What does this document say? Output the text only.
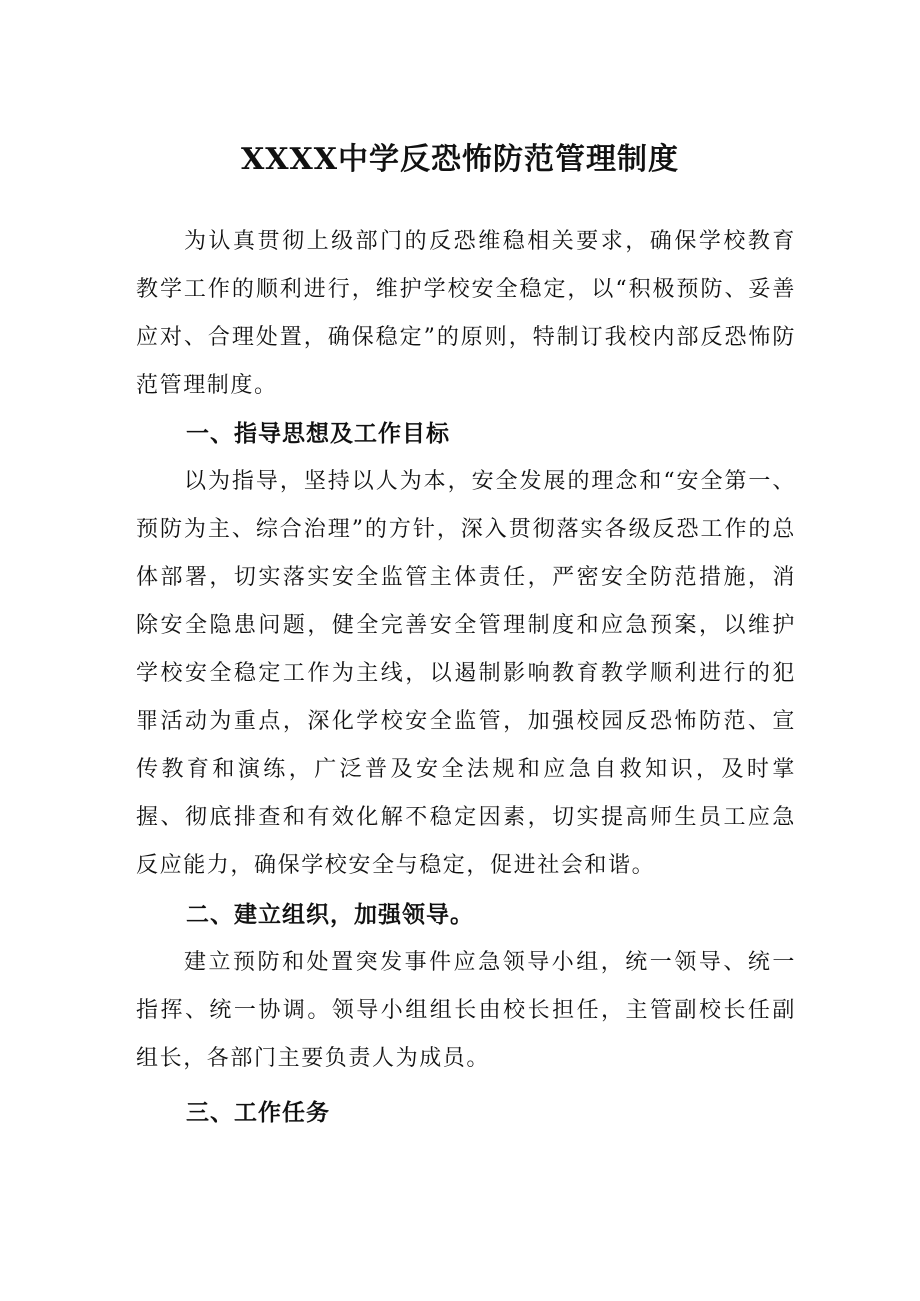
XXXX中学反恐怖防范管理制度

为认真贯彻上级部门的反恐维稳相关要求，确保学校教育教学工作的顺利进行，维护学校安全稳定，以“积极预防、妥善应对、合理处置，确保稳定”的原则，特制订我校内部反恐怖防范管理制度。

一、指导思想及工作目标

以为指导，坚持以人为本，安全发展的理念和“安全第一、预防为主、综合治理”的方针，深入贯彻落实各级反恐工作的总体部署，切实落实安全监管主体责任，严密安全防范措施，消除安全隐患问题，健全完善安全管理制度和应急预案，以维护学校安全稳定工作为主线，以遏制影响教育教学顺利进行的犯罪活动为重点，深化学校安全监管，加强校园反恐怖防范、宣传教育和演练，广泛普及安全法规和应急自救知识，及时掌握、彻底排查和有效化解不稳定因素，切实提高师生员工应急反应能力，确保学校安全与稳定，促进社会和谐。

二、建立组织，加强领导。

建立预防和处置突发事件应急领导小组，统一领导、统一指挥、统一协调。领导小组组长由校长担任，主管副校长任副组长，各部门主要负责人为成员。

三、工作任务
